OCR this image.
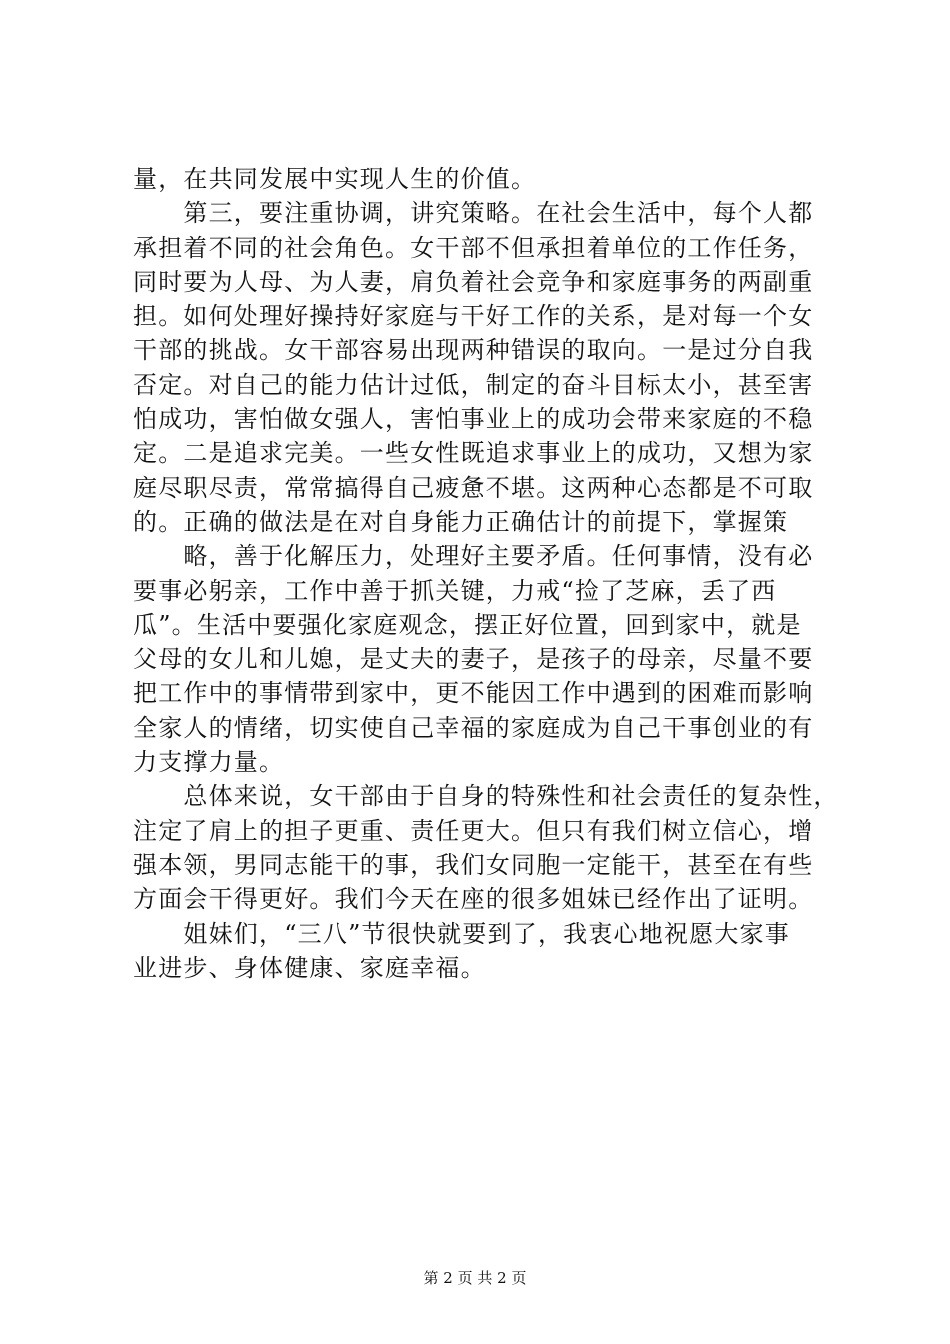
量，在共同发展中实现人生的价值。
　　第三，要注重协调，讲究策略。在社会生活中，每个人都
承担着不同的社会角色。女干部不但承担着单位的工作任务，
同时要为人母、为人妻，肩负着社会竞争和家庭事务的两副重
担。如何处理好操持好家庭与干好工作的关系，是对每一个女
干部的挑战。女干部容易出现两种错误的取向。一是过分自我
否定。对自己的能力估计过低，制定的奋斗目标太小，甚至害
怕成功，害怕做女强人，害怕事业上的成功会带来家庭的不稳
定。二是追求完美。一些女性既追求事业上的成功，又想为家
庭尽职尽责，常常搞得自己疲惫不堪。这两种心态都是不可取
的。正确的做法是在对自身能力正确估计的前提下，掌握策
　　略，善于化解压力，处理好主要矛盾。任何事情，没有必
要事必躬亲，工作中善于抓关键，力戒“捡了芝麻，丢了西
瓜”。生活中要强化家庭观念，摆正好位置，回到家中，就是
父母的女儿和儿媳，是丈夫的妻子，是孩子的母亲，尽量不要
把工作中的事情带到家中，更不能因工作中遇到的困难而影响
全家人的情绪，切实使自己幸福的家庭成为自己干事创业的有
力支撑力量。
　　总体来说，女干部由于自身的特殊性和社会责任的复杂性，
注定了肩上的担子更重、责任更大。但只有我们树立信心，增
强本领，男同志能干的事，我们女同胞一定能干，甚至在有些
方面会干得更好。我们今天在座的很多姐妹已经作出了证明。
　　姐妹们，“三八”节很快就要到了，我衷心地祝愿大家事
业进步、身体健康、家庭幸福。
第 2 页 共 2 页
